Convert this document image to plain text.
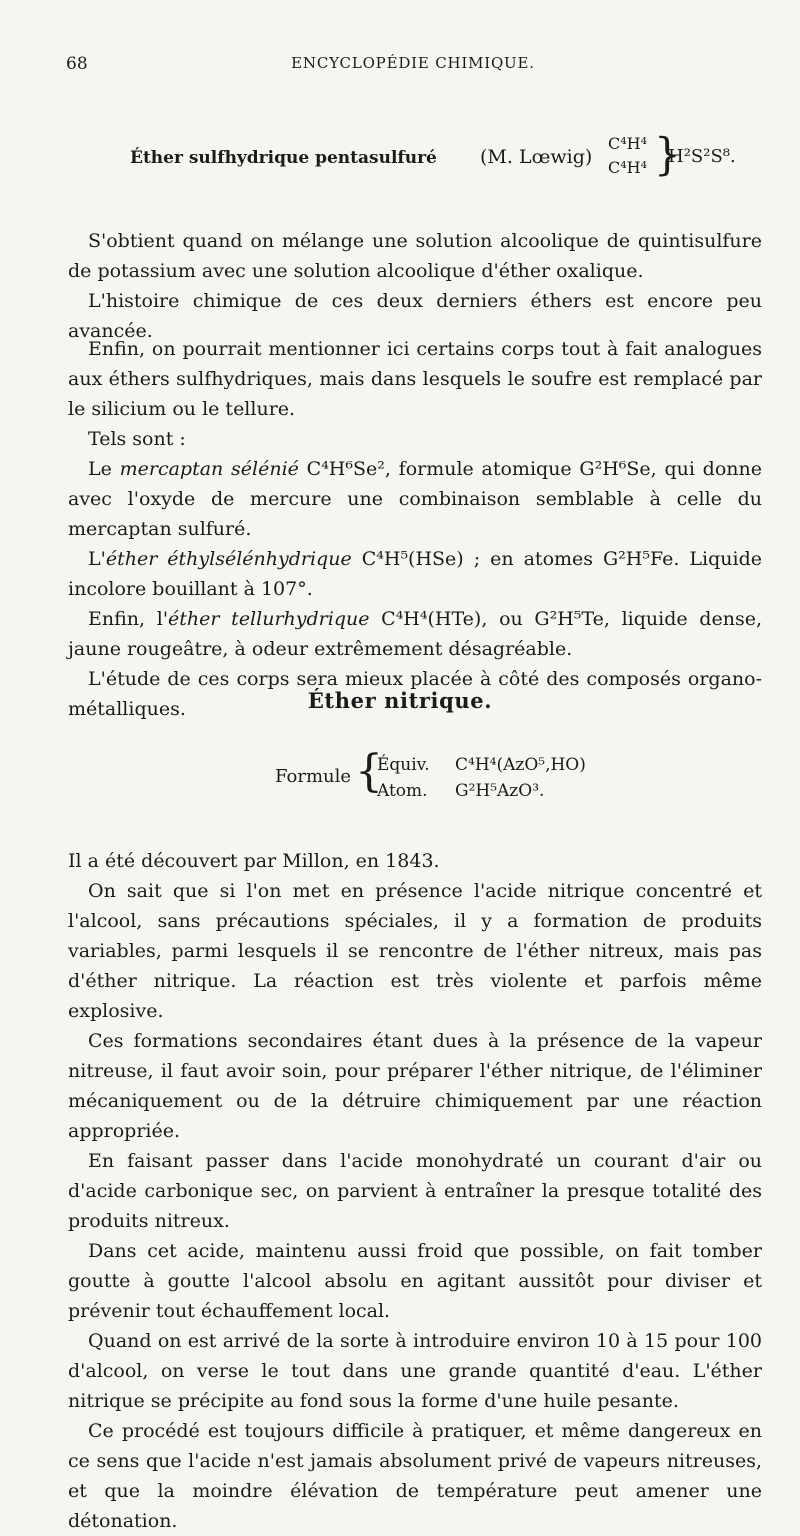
68	ENCYCLOPÉDIE CHIMIQUE.
Éther sulfhydrique pentasulfuré (M. Lœwig)
C⁴H⁴
C⁴H⁴ }
H²S²S⁸.

S'obtient quand on mélange une solution alcoolique de quintisulfure de potassium avec une solution alcoolique d'éther oxalique.

L'histoire chimique de ces deux derniers éthers est encore peu avancée.

Enfin, on pourrait mentionner ici certains corps tout à fait analogues aux éthers sulfhydriques, mais dans lesquels le soufre est remplacé par le silicium ou le tellure.

Tels sont :

Le mercaptan sélénié C⁴H⁶Se², formule atomique G²H⁶Se, qui donne avec l'oxyde de mercure une combinaison semblable à celle du mercaptan sulfuré.

L'éther éthylsélénhydrique C⁴H⁵(HSe) ; en atomes G²H⁵Fe. Liquide incolore bouillant à 107°.

Enfin, l'éther tellurhydrique C⁴H⁴(HTe), ou G²H⁵Te, liquide dense, jaune rougeâtre, à odeur extrêmement désagréable.

L'étude de ces corps sera mieux placée à côté des composés organo-métalliques.	Éther nitrique.
Formule {
Équiv.
Atom.
C⁴H⁴(AzO⁵,HO)
G²H⁵AzO³.

Il a été découvert par Millon, en 1843.

On sait que si l'on met en présence l'acide nitrique concentré et l'alcool, sans précautions spéciales, il y a formation de produits variables, parmi lesquels il se rencontre de l'éther nitreux, mais pas d'éther nitrique. La réaction est très violente et parfois même explosive.

Ces formations secondaires étant dues à la présence de la vapeur nitreuse, il faut avoir soin, pour préparer l'éther nitrique, de l'éliminer mécaniquement ou de la détruire chimiquement par une réaction appropriée.

En faisant passer dans l'acide monohydraté un courant d'air ou d'acide carbonique sec, on parvient à entraîner la presque totalité des produits nitreux.

Dans cet acide, maintenu aussi froid que possible, on fait tomber goutte à goutte l'alcool absolu en agitant aussitôt pour diviser et prévenir tout échauffement local.

Quand on est arrivé de la sorte à introduire environ 10 à 15 pour 100 d'alcool, on verse le tout dans une grande quantité d'eau. L'éther nitrique se précipite au fond sous la forme d'une huile pesante.

Ce procédé est toujours difficile à pratiquer, et même dangereux en ce sens que l'acide n'est jamais absolument privé de vapeurs nitreuses, et que la moindre élévation de température peut amener une détonation.
